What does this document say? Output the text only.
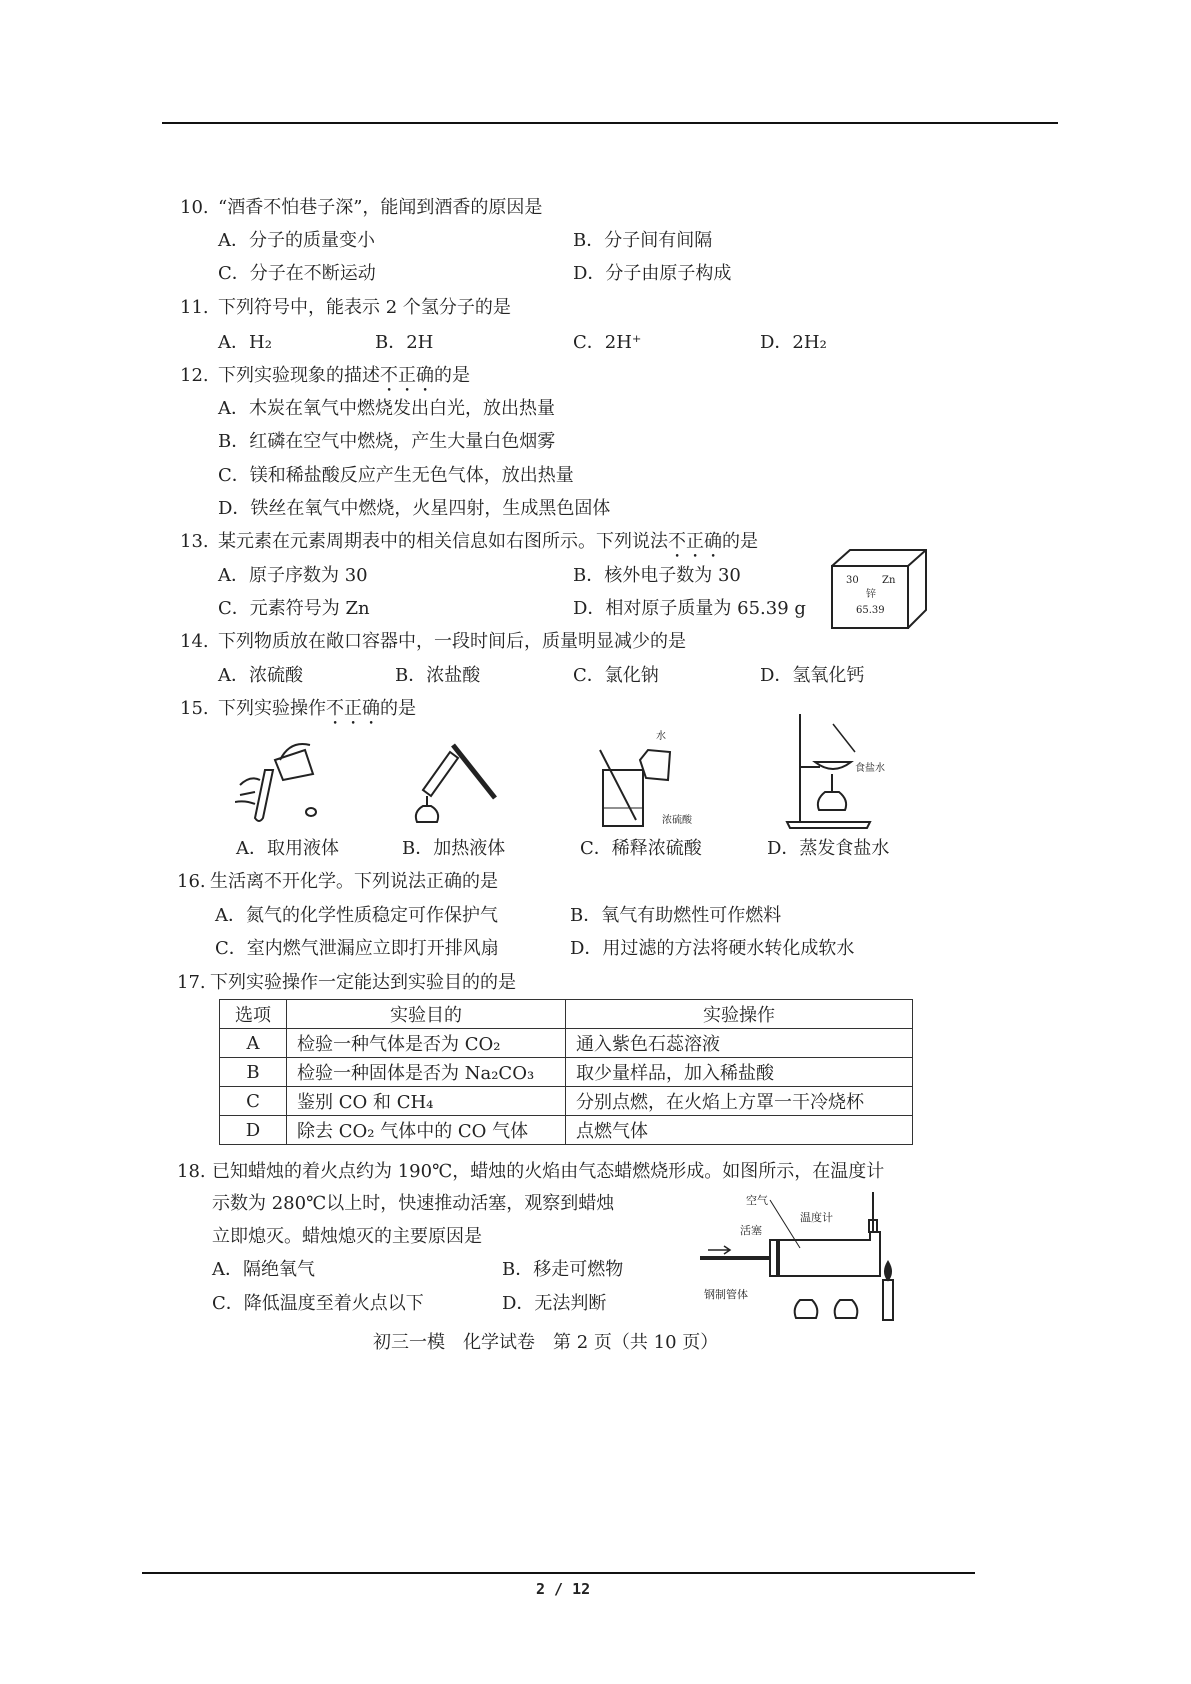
10. “酒香不怕巷子深”，能闻到酒香的原因是
A．分子的质量变小	B．分子间有间隔
C．分子在不断运动	D．分子由原子构成
11. 下列符号中，能表示 2 个氢分子的是
A．H₂	B．2H	C．2H⁺	D．2H₂
12. 下列实验现象的描述不正确的是
A．木炭在氧气中燃烧发出白光，放出热量
B．红磷在空气中燃烧，产生大量白色烟雾
C．镁和稀盐酸反应产生无色气体，放出热量
D．铁丝在氧气中燃烧，火星四射，生成黑色固体
13. 某元素在元素周期表中的相关信息如右图所示。下列说法不正确的是
A．原子序数为 30	B．核外电子数为 30
C．元素符号为 Zn	D．相对原子质量为 65.39 g
30 Zn
锌
65.39
14. 下列物质放在敞口容器中，一段时间后，质量明显减少的是
A．浓硫酸	B．浓盐酸	C．氯化钠	D．氢氧化钙
15. 下列实验操作不正确的是
水
浓硫酸
食盐水
A．取用液体	B．加热液体	C．稀释浓硫酸	D．蒸发食盐水
16. 生活离不开化学。下列说法正确的是
A．氮气的化学性质稳定可作保护气	B．氧气有助燃性可作燃料
C．室内燃气泄漏应立即打开排风扇	D．用过滤的方法将硬水转化成软水
17. 下列实验操作一定能达到实验目的的是
选项	实验目的	实验操作
A	检验一种气体是否为 CO₂	通入紫色石蕊溶液
B	检验一种固体是否为 Na₂CO₃	取少量样品，加入稀盐酸
C	鉴别 CO 和 CH₄	分别点燃，在火焰上方罩一干冷烧杯
D	除去 CO₂ 气体中的 CO 气体	点燃气体
18. 已知蜡烛的着火点约为 190℃，蜡烛的火焰由气态蜡燃烧形成。如图所示，在温度计
示数为 280℃以上时，快速推动活塞，观察到蜡烛
立即熄灭。蜡烛熄灭的主要原因是
A．隔绝氧气	B．移走可燃物
C．降低温度至着火点以下	D．无法判断
空气
温度计
活塞
钢制管体
初三一模　化学试卷　第 2 页（共 10 页）
2 / 12
